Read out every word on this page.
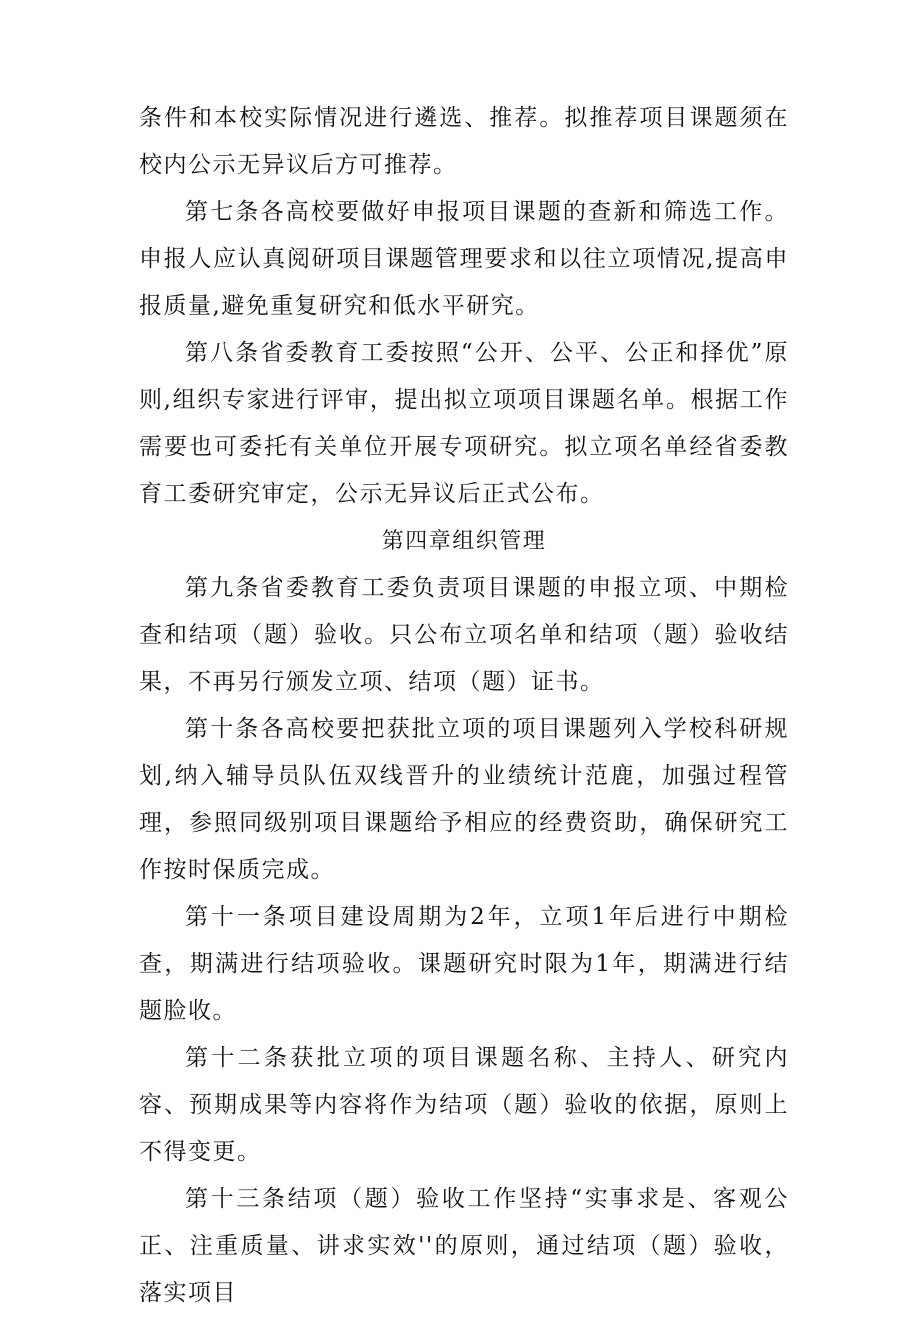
条件和本校实际情况进行遴选、推荐。拟推荐项目课题须在校内公示无异议后方可推荐。

第七条各高校要做好申报项目课题的查新和筛选工作。申报人应认真阅研项目课题管理要求和以往立项情况,提高申报质量,避免重复研究和低水平研究。

第八条省委教育工委按照“公开、公平、公正和择优”原则,组织专家进行评审，提出拟立项项目课题名单。根据工作需要也可委托有关单位开展专项研究。拟立项名单经省委教育工委研究审定，公示无异议后正式公布。

第四章组织管理

第九条省委教育工委负责项目课题的申报立项、中期检查和结项（题）验收。只公布立项名单和结项（题）验收结果，不再另行颁发立项、结项（题）证书。

第十条各高校要把获批立项的项目课题列入学校科研规划,纳入辅导员队伍双线晋升的业绩统计范鹿，加强过程管理，参照同级别项目课题给予相应的经费资助，确保研究工作按时保质完成。

第十一条项目建设周期为2年，立项1年后进行中期检查，期满进行结项验收。课题研究时限为1年，期满进行结题脸收。

第十二条获批立项的项目课题名称、主持人、研究内容、预期成果等内容将作为结项（题）验收的依据，原则上不得变更。

第十三条结项（题）验收工作坚持“实事求是、客观公正、注重质量、讲求实效''的原则，通过结项（题）验收，落实项目
